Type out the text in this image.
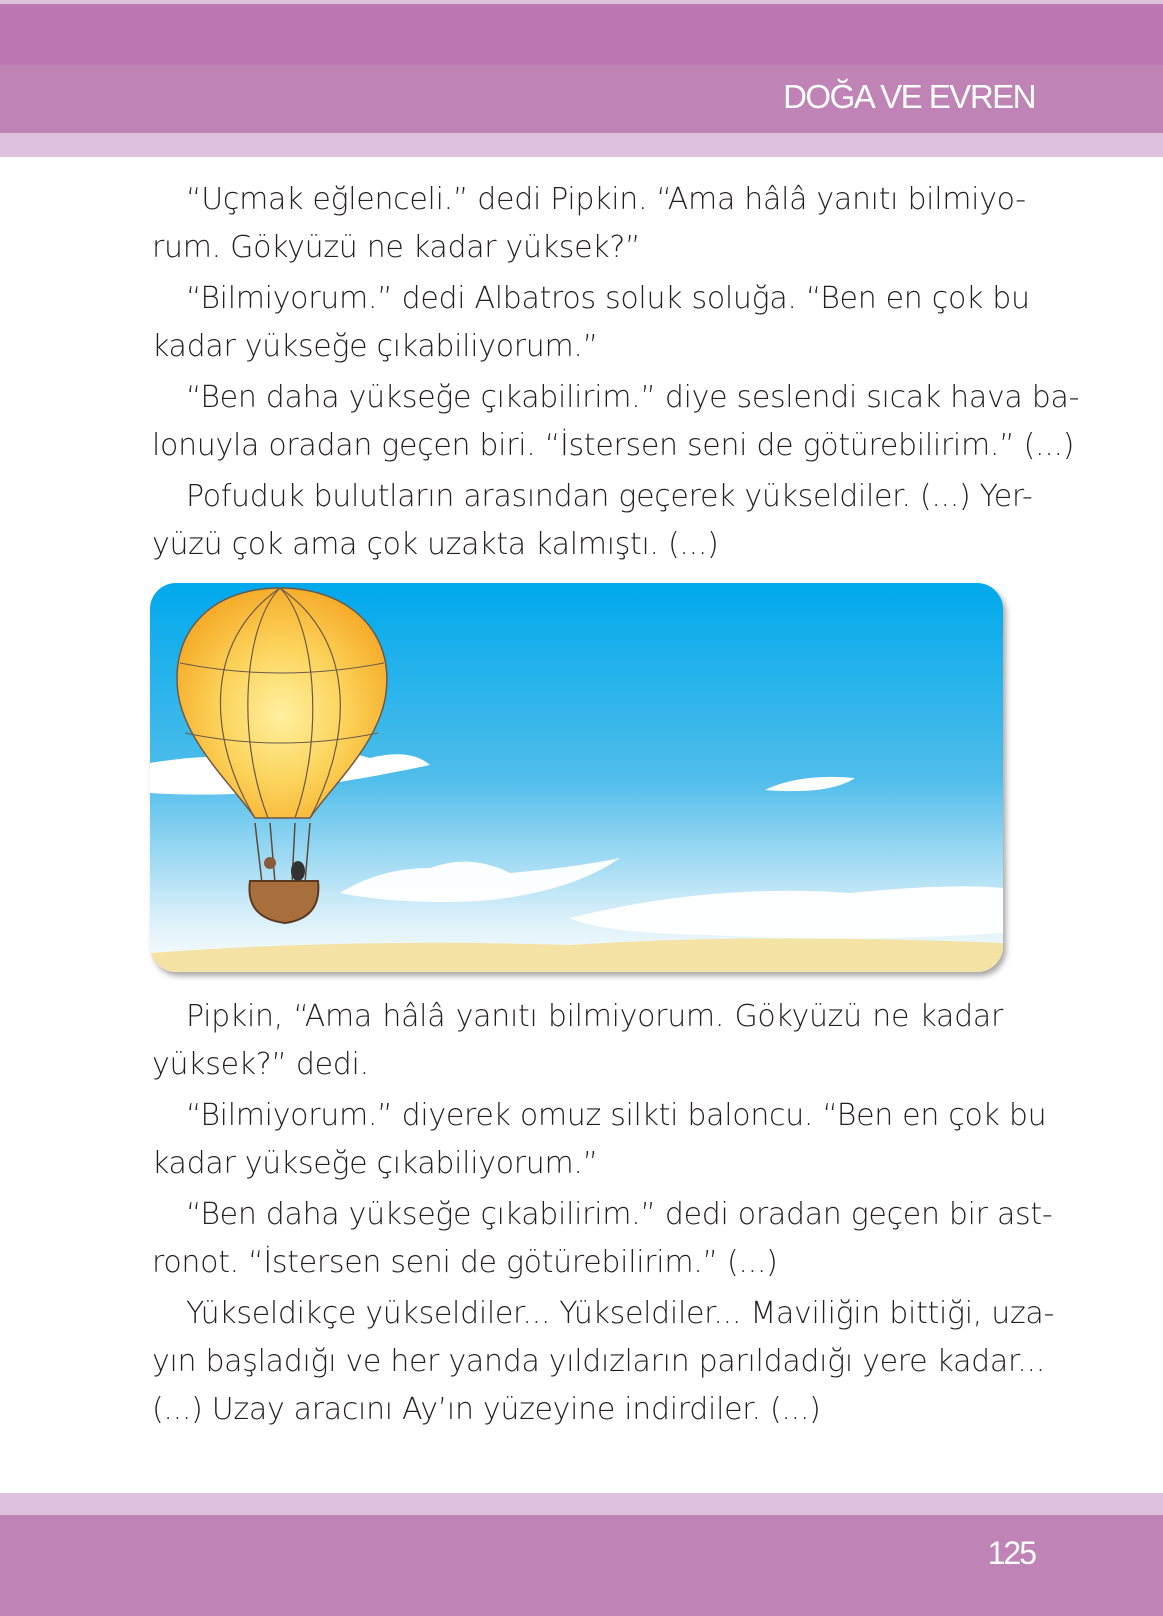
DOĞA VE EVREN
“Uçmak eğlenceli.” dedi Pipkin. “Ama hâlâ yanıtı bilmiyo-
rum. Gökyüzü ne kadar yüksek?”
“Bilmiyorum.” dedi Albatros soluk soluğa. “Ben en çok bu
kadar yükseğe çıkabiliyorum.”
“Ben daha yükseğe çıkabilirim.” diye seslendi sıcak hava ba-
lonuyla oradan geçen biri. “İstersen seni de götürebilirim.” (...)
Pofuduk bulutların arasından geçerek yükseldiler. (...) Yer-
yüzü çok ama çok uzakta kalmıştı. (...)
Pipkin, “Ama hâlâ yanıtı bilmiyorum. Gökyüzü ne kadar
yüksek?” dedi.
“Bilmiyorum.” diyerek omuz silkti baloncu. “Ben en çok bu
kadar yükseğe çıkabiliyorum.”
“Ben daha yükseğe çıkabilirim.” dedi oradan geçen bir ast-
ronot. “İstersen seni de götürebilirim.” (...)
Yükseldikçe yükseldiler... Yükseldiler... Maviliğin bittiği, uza-
yın başladığı ve her yanda yıldızların parıldadığı yere kadar...
(...) Uzay aracını Ay’ın yüzeyine indirdiler. (...)
125
